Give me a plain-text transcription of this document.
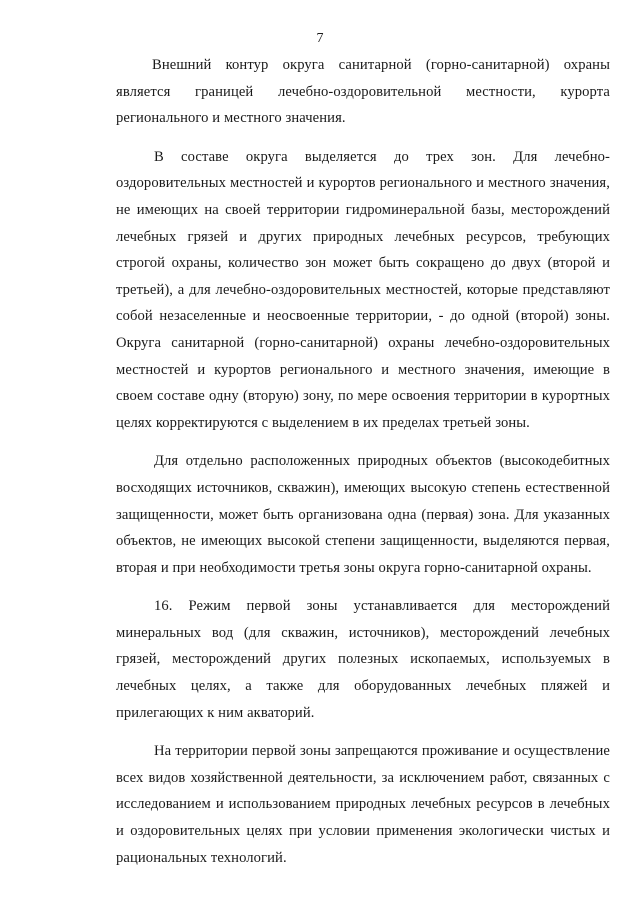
7

Внешний контур округа санитарной (горно-санитарной) охраны является границей лечебно-оздоровительной местности, курорта регионального и местного значения.

В составе округа выделяется до трех зон. Для лечебно-оздоровительных местностей и курортов регионального и местного значения, не имеющих на своей территории гидроминеральной базы, месторождений лечебных грязей и других природных лечебных ресурсов, требующих строгой охраны, количество зон может быть сокращено до двух (второй и третьей), а для лечебно-оздоровительных местностей, которые представляют собой незаселенные и неосвоенные территории, - до одной (второй) зоны. Округа санитарной (горно-санитарной) охраны лечебно-оздоровительных местностей и курортов регионального и местного значения, имеющие в своем составе одну (вторую) зону, по мере освоения территории в курортных целях корректируются с выделением в их пределах третьей зоны.

Для отдельно расположенных природных объектов (высокодебитных восходящих источников, скважин), имеющих высокую степень естественной защищенности, может быть организована одна (первая) зона. Для указанных объектов, не имеющих высокой степени защищенности, выделяются первая, вторая и при необходимости третья зоны округа горно-санитарной охраны.

16. Режим первой зоны устанавливается для месторождений минеральных вод (для скважин, источников), месторождений лечебных грязей, месторождений других полезных ископаемых, используемых в лечебных целях, а также для оборудованных лечебных пляжей и прилегающих к ним акваторий.

На территории первой зоны запрещаются проживание и осуществление всех видов хозяйственной деятельности, за исключением работ, связанных с исследованием и использованием природных лечебных ресурсов в лечебных и оздоровительных целях при условии применения экологически чистых и рациональных технологий.
